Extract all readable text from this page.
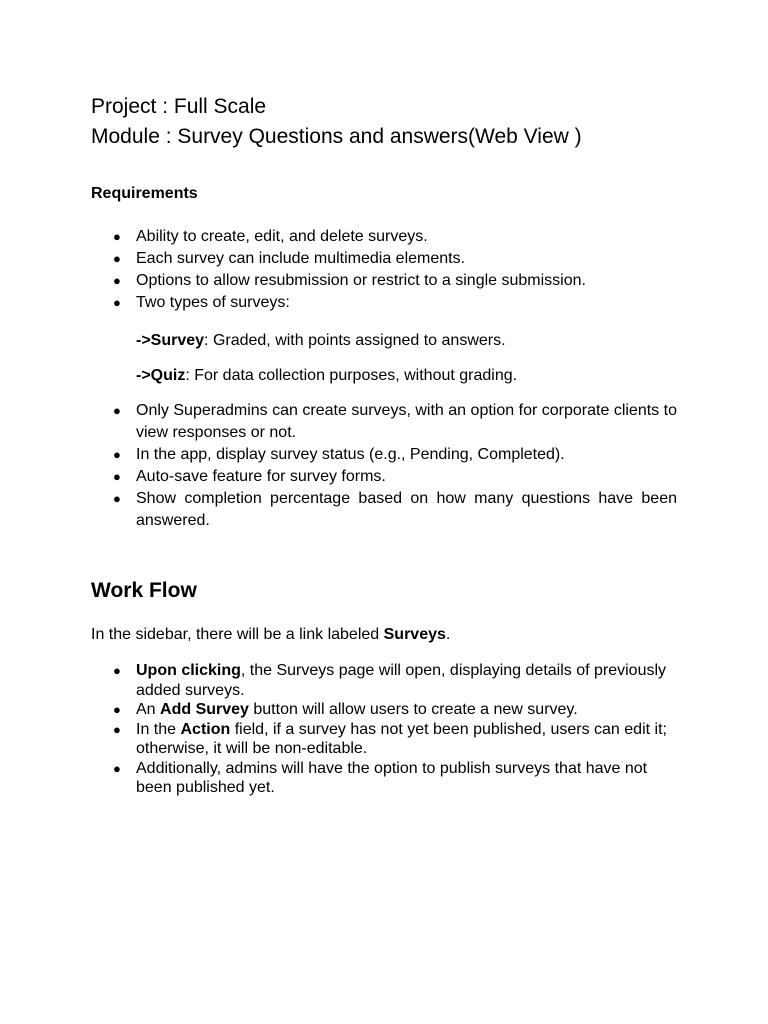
Project : Full Scale
Module : Survey Questions and answers(Web View )

Requirements

● Ability to create, edit, and delete surveys.
● Each survey can include multimedia elements.
● Options to allow resubmission or restrict to a single submission.
● Two types of surveys:

->Survey: Graded, with points assigned to answers.

->Quiz: For data collection purposes, without grading.

● Only Superadmins can create surveys, with an option for corporate clients to view responses or not.
● In the app, display survey status (e.g., Pending, Completed).
● Auto-save feature for survey forms.
● Show completion percentage based on how many questions have been answered.
Work Flow

In the sidebar, there will be a link labeled Surveys.

● Upon clicking, the Surveys page will open, displaying details of previously added surveys.
● An Add Survey button will allow users to create a new survey.
● In the Action field, if a survey has not yet been published, users can edit it; otherwise, it will be non-editable.
● Additionally, admins will have the option to publish surveys that have not been published yet.
